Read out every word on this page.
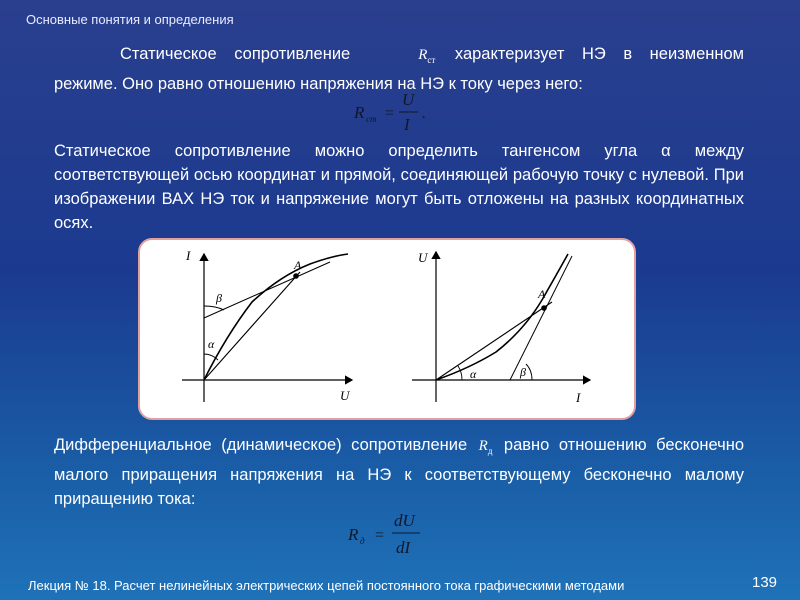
Основные понятия и определения
Статическое сопротивление	$R_{ст}$ характеризует НЭ в неизменном режиме. Оно равно отношению напряжения на НЭ к току через него:
R ст =
U
I
.
Статическое сопротивление можно определить тангенсом угла α между соответствующей осью координат и прямой, соединяющей рабочую точку с нулевой. При изображении ВАХ НЭ ток и напряжение могут быть отложены на разных координатных осях.
I
U
A
β
α
U
I
A
α	β
Дифференциальное (динамическое) сопротивление $R_д$ равно отношению бесконечно малого приращения напряжения на НЭ к соответствующему бесконечно малому приращению тока:
R д =
dU
dI
Лекция № 18. Расчет нелинейных электрических цепей постоянного тока графическими методами	139
